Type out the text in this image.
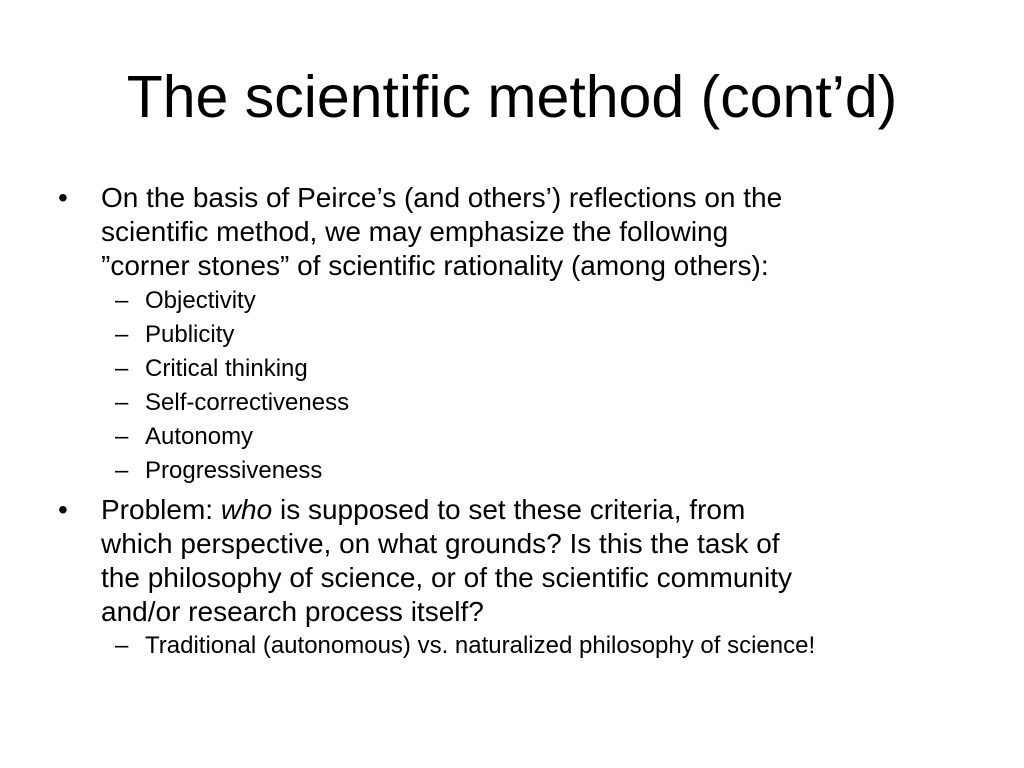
The scientific method (cont’d)
•	On the basis of Peirce’s (and others’) reflections on the
scientific method, we may emphasize the following
”corner stones” of scientific rationality (among others):
– Objectivity
– Publicity
– Critical thinking
– Self-correctiveness
– Autonomy
– Progressiveness
•	Problem: who is supposed to set these criteria, from
which perspective, on what grounds? Is this the task of
the philosophy of science, or of the scientific community
and/or research process itself?
– Traditional (autonomous) vs. naturalized philosophy of science!
